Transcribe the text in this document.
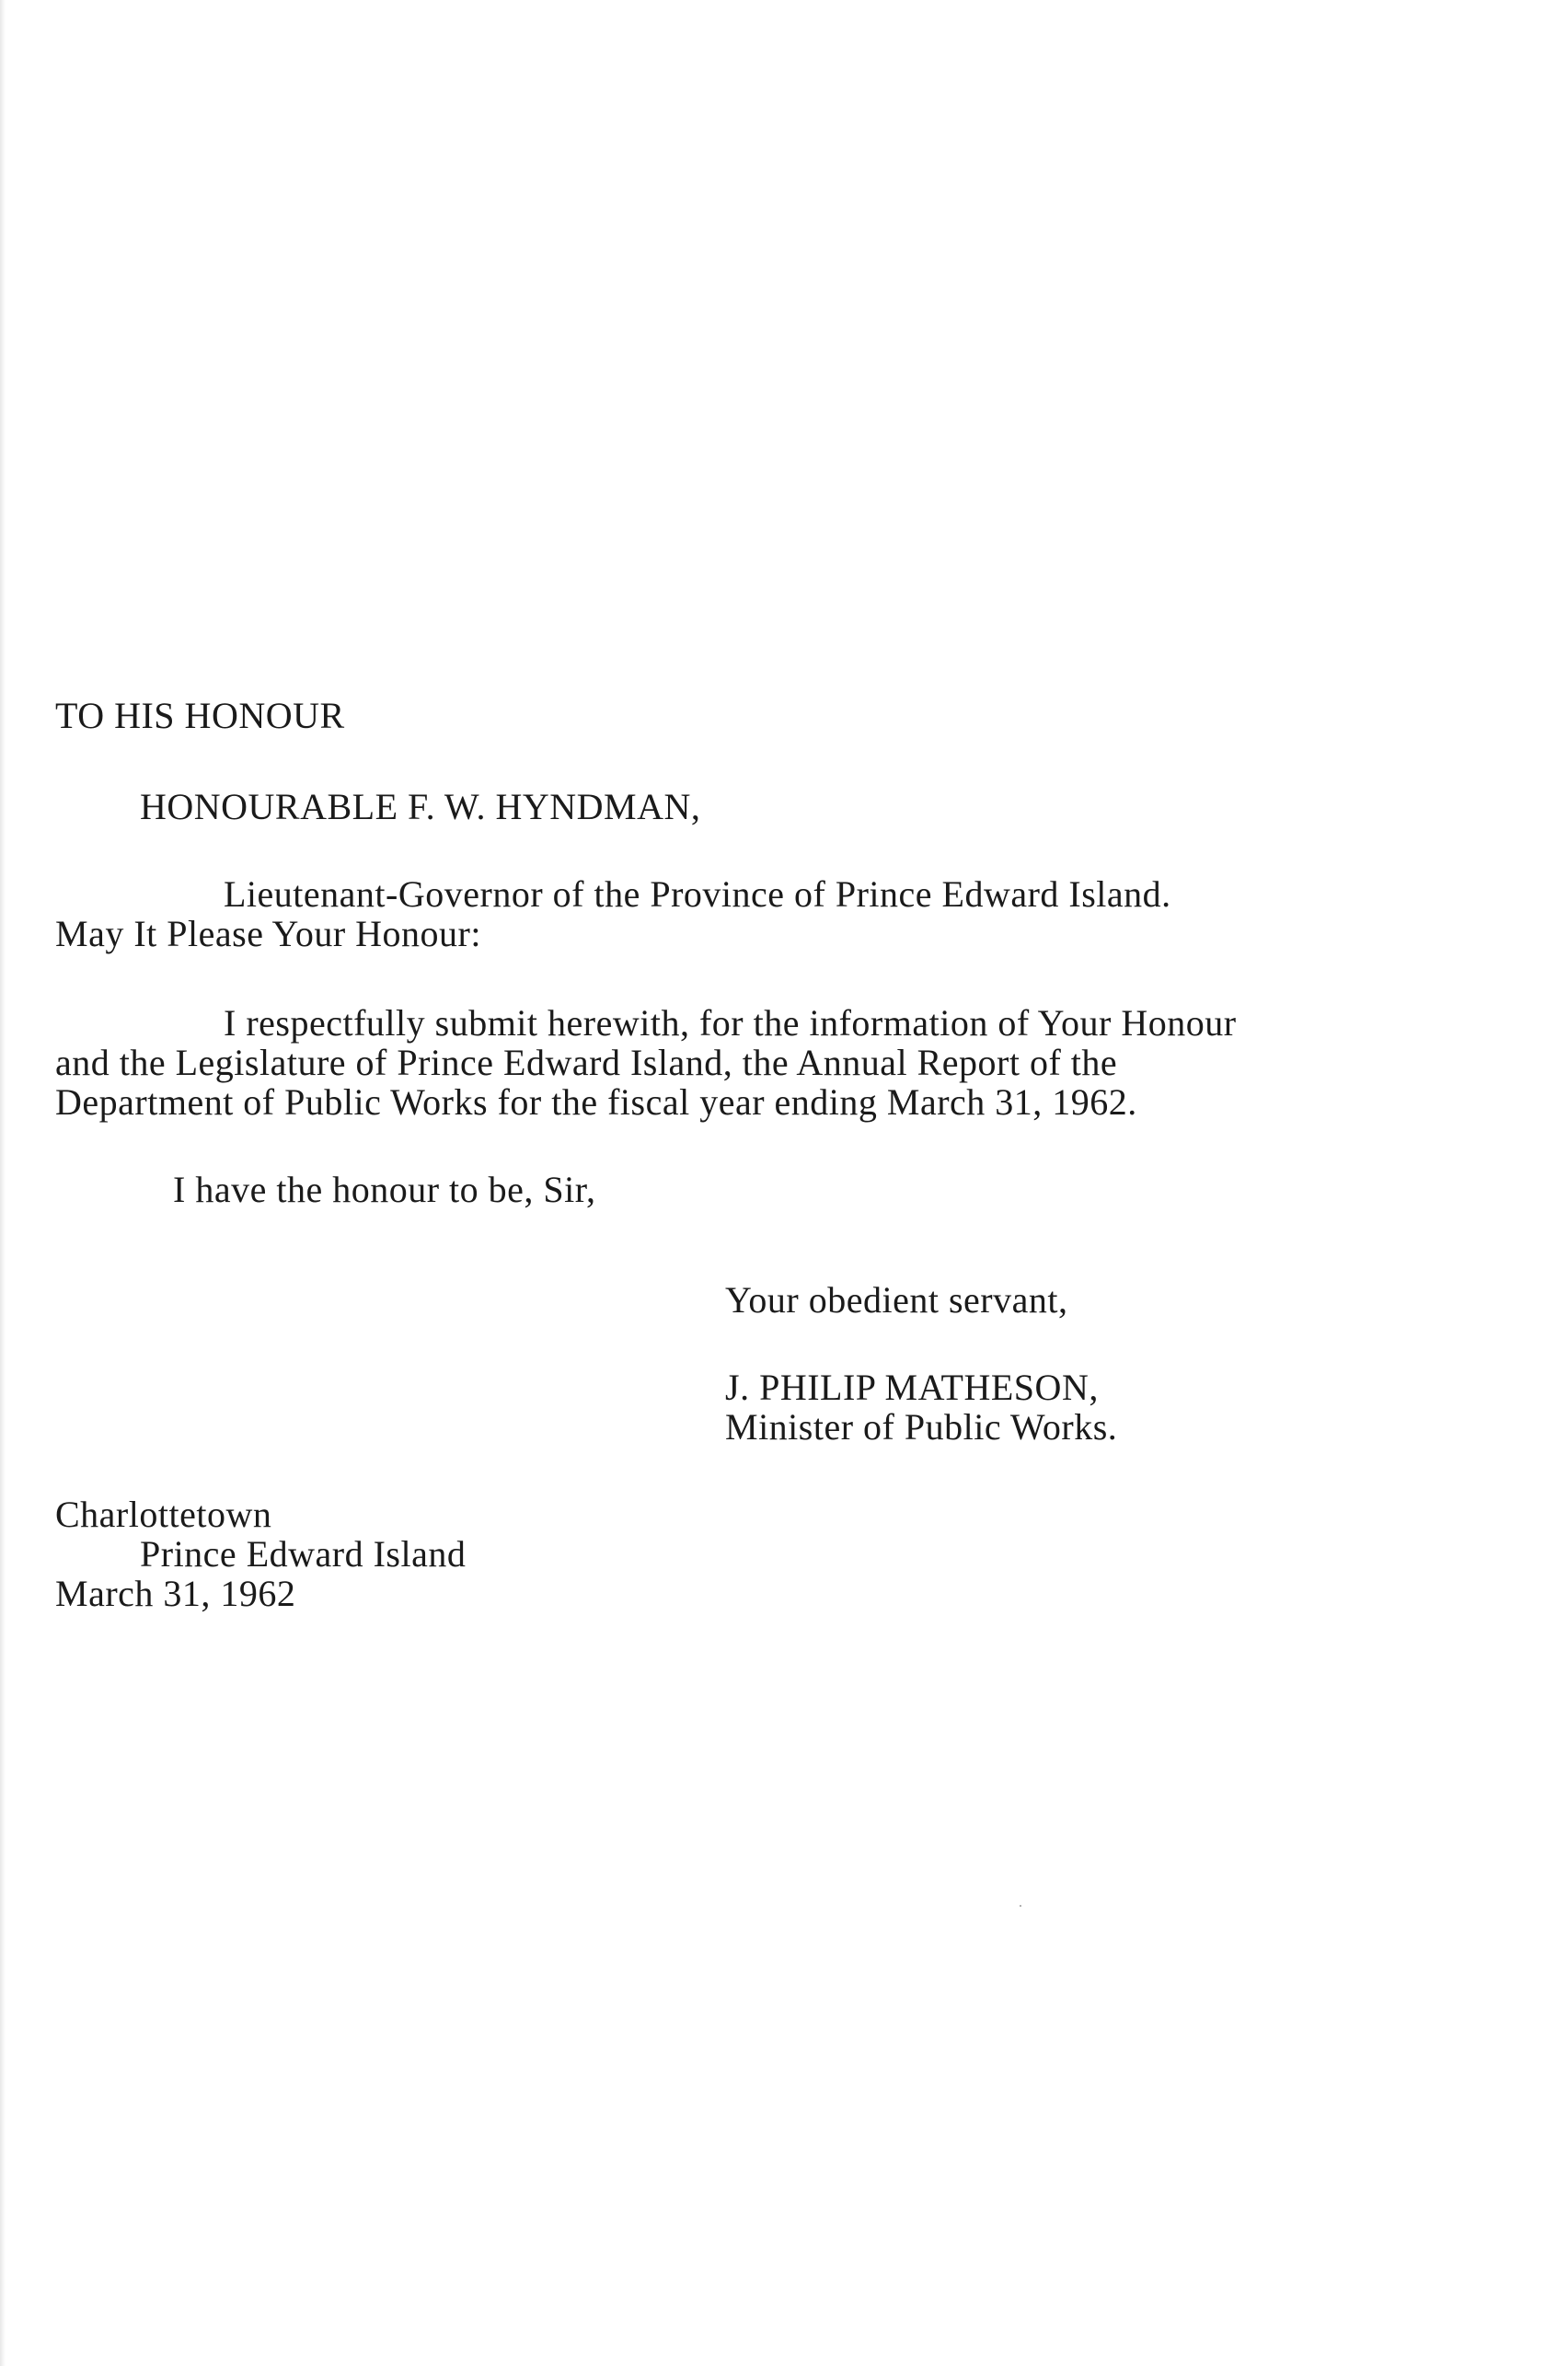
TO HIS HONOUR
HONOURABLE F. W. HYNDMAN,
Lieutenant-Governor of the Province of Prince Edward Island.
May It Please Your Honour:
I respectfully submit herewith, for the information of Your Honour
and the Legislature of Prince Edward Island, the Annual Report of the
Department of Public Works for the fiscal year ending March 31, 1962.
I have the honour to be, Sir,
Your obedient servant,
J. PHILIP MATHESON,
Minister of Public Works.
Charlottetown
Prince Edward Island
March 31, 1962
